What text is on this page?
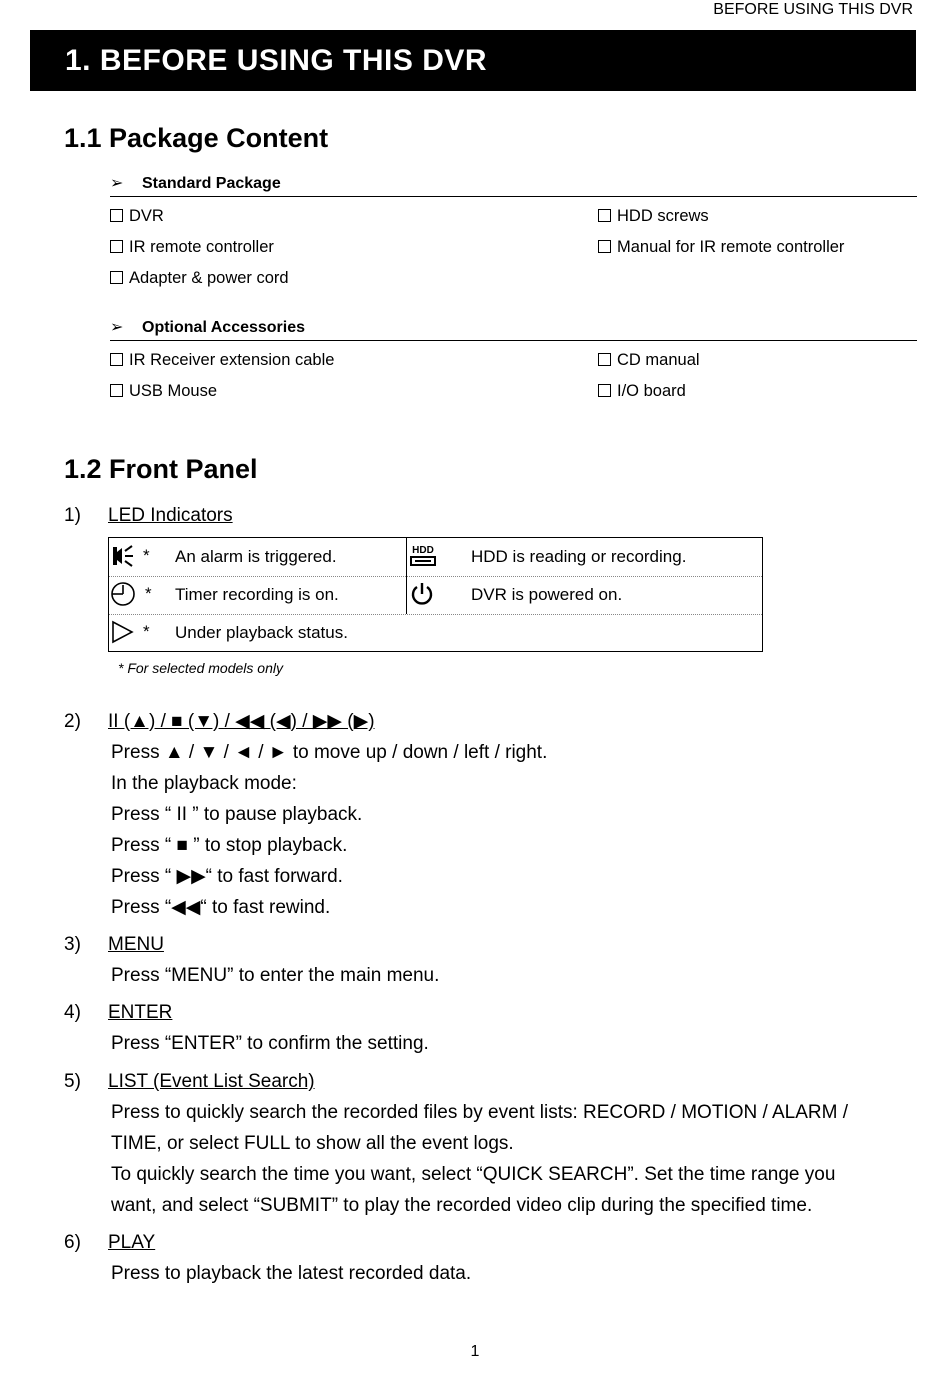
BEFORE USING THIS DVR
1. BEFORE USING THIS DVR
1.1 Package Content
➢ Standard Package
DVR	HDD screws
IR remote controller	Manual for IR remote controller
Adapter & power cord
➢ Optional Accessories
IR Receiver extension cable	CD manual
USB Mouse	I/O board
1.2 Front Panel
1) LED Indicators
* An alarm is triggered.	HDD HDD is reading or recording.
* Timer recording is on.	DVR is powered on.
* Under playback status.
* For selected models only
2) II (▲) / ■ (▼) / ◀◀ (◀) / ▶▶ (▶)
Press ▲ / ▼ / ◄ / ► to move up / down / left / right.
In the playback mode:
Press “ II ” to pause playback.
Press “ ■ ” to stop playback.
Press “ ▶▶“ to fast forward.
Press “◀◀“ to fast rewind.
3) MENU
Press “MENU” to enter the main menu.
4) ENTER
Press “ENTER” to confirm the setting.
5) LIST (Event List Search)
Press to quickly search the recorded files by event lists: RECORD / MOTION / ALARM /
TIME, or select FULL to show all the event logs.
To quickly search the time you want, select “QUICK SEARCH”. Set the time range you
want, and select “SUBMIT” to play the recorded video clip during the specified time.
6) PLAY
Press to playback the latest recorded data.
1
